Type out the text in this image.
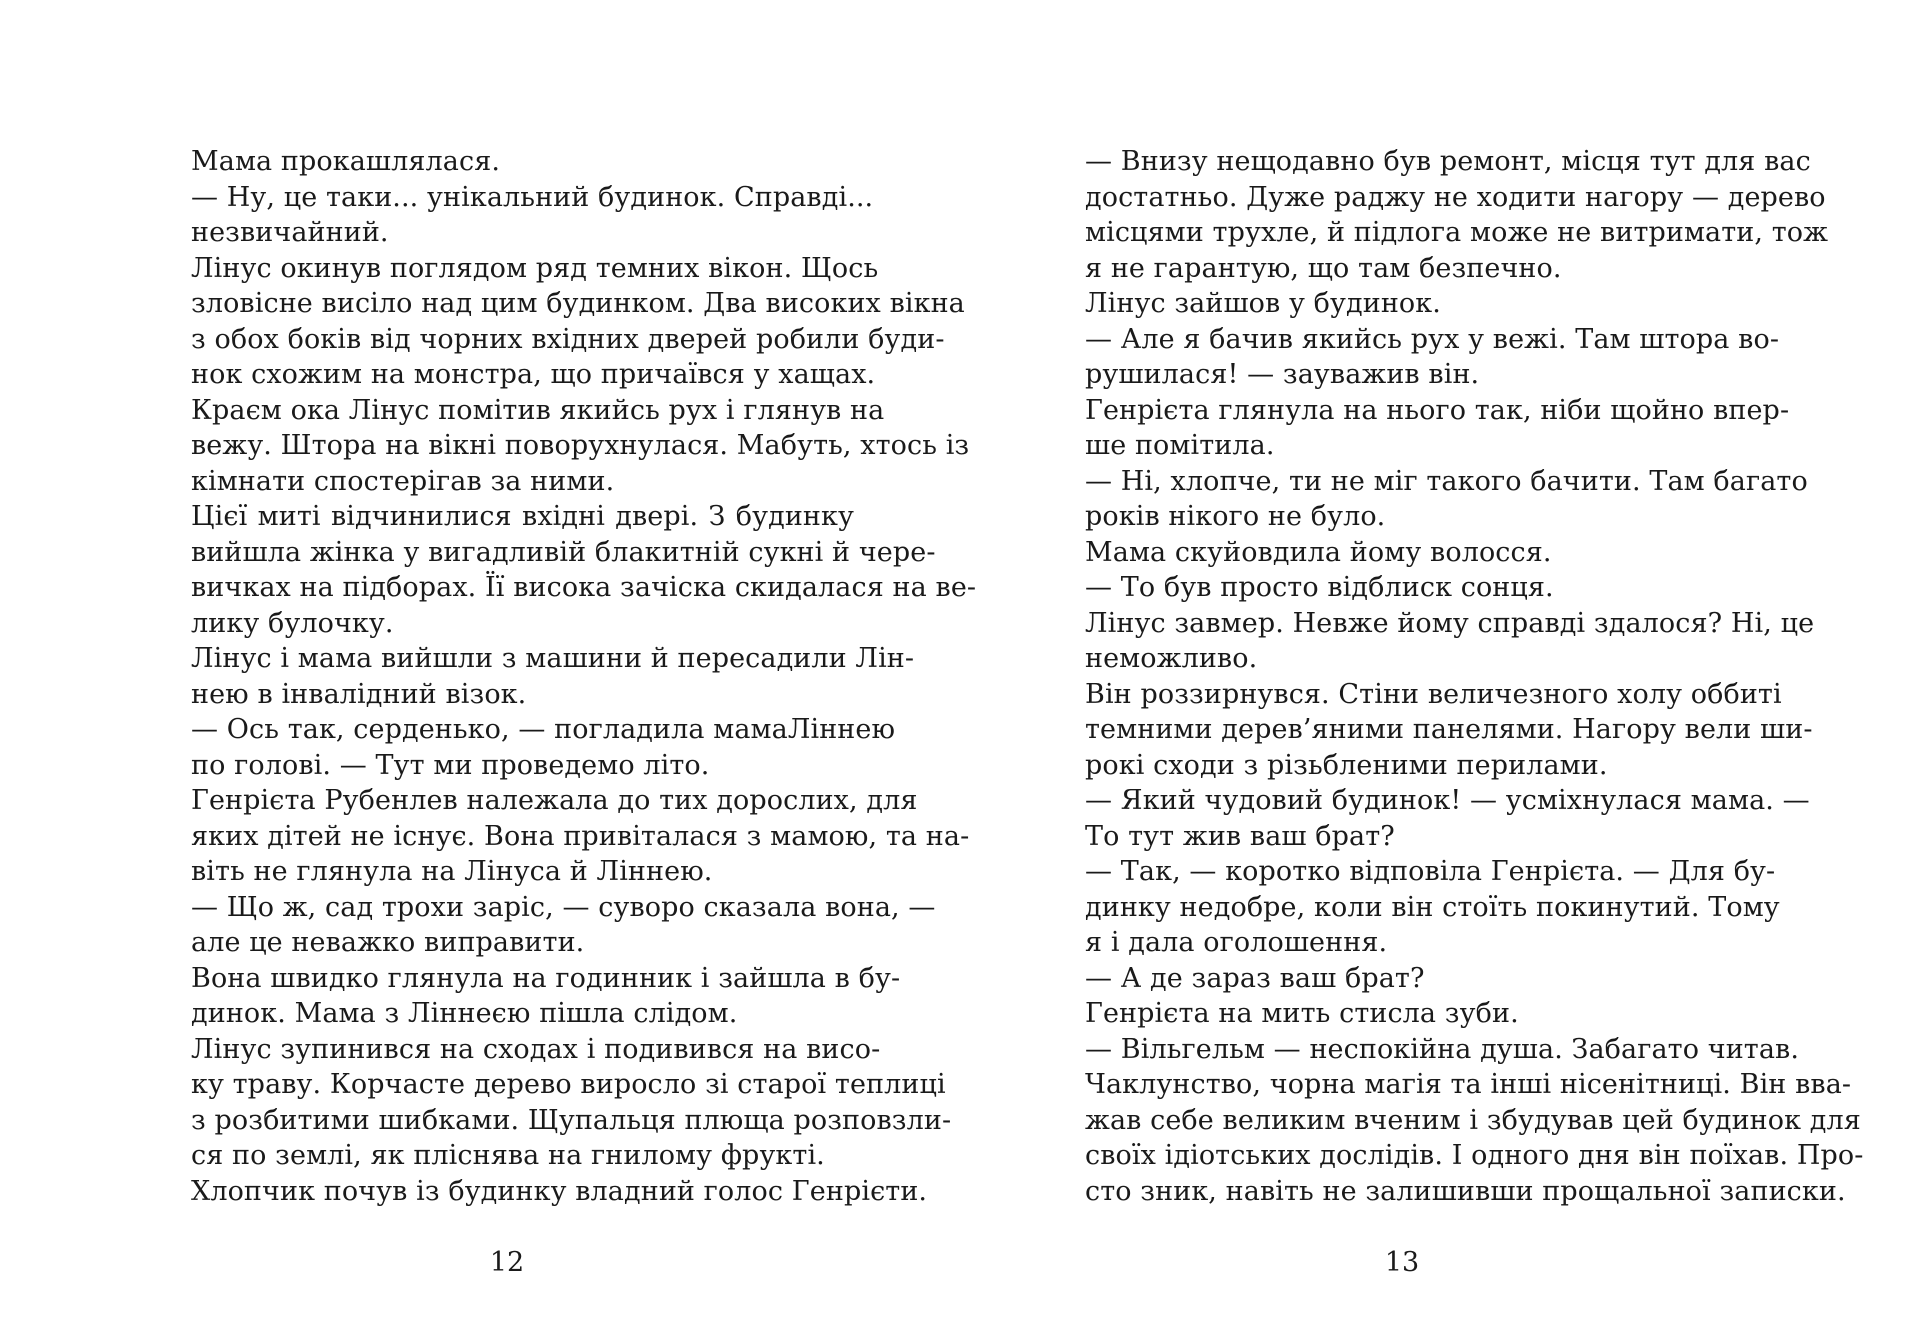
Мама прокашлялася.
— Ну, це таки... унікальний будинок. Справді...
незвичайний.
Лінус окинув поглядом ряд темних вікон. Щось
зловісне висіло над цим будинком. Два високих вікна
з обох боків від чорних вхідних дверей робили буди-
нок схожим на монстра, що причаївся у хащах.
Краєм ока Лінус помітив якийсь рух і глянув на
вежу. Штора на вікні поворухнулася. Мабуть, хтось із
кімнати спостерігав за ними.
Цієї миті відчинилися вхідні двері. З будинку
вийшла жінка у вигадливій блакитній сукні й чере-
вичках на підборах. Її висока зачіска скидалася на ве-
лику булочку.
Лінус і мама вийшли з машини й пересадили Лін-
нею в інвалідний візок.
— Ось так, серденько, — погладила мамаЛіннею
по голові. — Тут ми проведемо літо.
Генрієта Рубенлев належала до тих дорослих, для
яких дітей не існує. Вона привіталася з мамою, та на-
віть не глянула на Лінуса й Ліннею.
— Що ж, сад трохи заріс, — суворо сказала вона, —
але це неважко виправити.
Вона швидко глянула на годинник і зайшла в бу-
динок. Мама з Ліннеєю пішла слідом.
Лінус зупинився на сходах і подивився на висо-
ку траву. Корчасте дерево виросло зі старої теплиці
з розбитими шибками. Щупальця плюща розповзли-
ся по землі, як пліснява на гнилому фрукті.
Хлопчик почув із будинку владний голос Генрієти.
12
— Внизу нещодавно був ремонт, місця тут для вас
достатньо. Дуже раджу не ходити нагору — дерево
місцями трухле, й підлога може не витримати, тож
я не гарантую, що там безпечно.
Лінус зайшов у будинок.
— Але я бачив якийсь рух у вежі. Там штора во-
рушилася! — зауважив він.
Генрієта глянула на нього так, ніби щойно впер-
ше помітила.
— Ні, хлопче, ти не міг такого бачити. Там багато
років нікого не було.
Мама скуйовдила йому волосся.
— То був просто відблиск сонця.
Лінус завмер. Невже йому справді здалося? Ні, це
неможливо.
Він роззирнувся. Стіни величезного холу оббиті
темними дерев’яними панелями. Нагору вели ши-
рокі сходи з різьбленими перилами.
— Який чудовий будинок! — усміхнулася мама. —
То тут жив ваш брат?
— Так, — коротко відповіла Генрієта. — Для бу-
динку недобре, коли він стоїть покинутий. Тому
я і дала оголошення.
— А де зараз ваш брат?
Генрієта на мить стисла зуби.
— Вільгельм — неспокійна душа. Забагато читав.
Чаклунство, чорна магія та інші нісенітниці. Він вва-
жав себе великим вченим і збудував цей будинок для
своїх ідіотських дослідів. І одного дня він поїхав. Про-
сто зник, навіть не залишивши прощальної записки.
13
